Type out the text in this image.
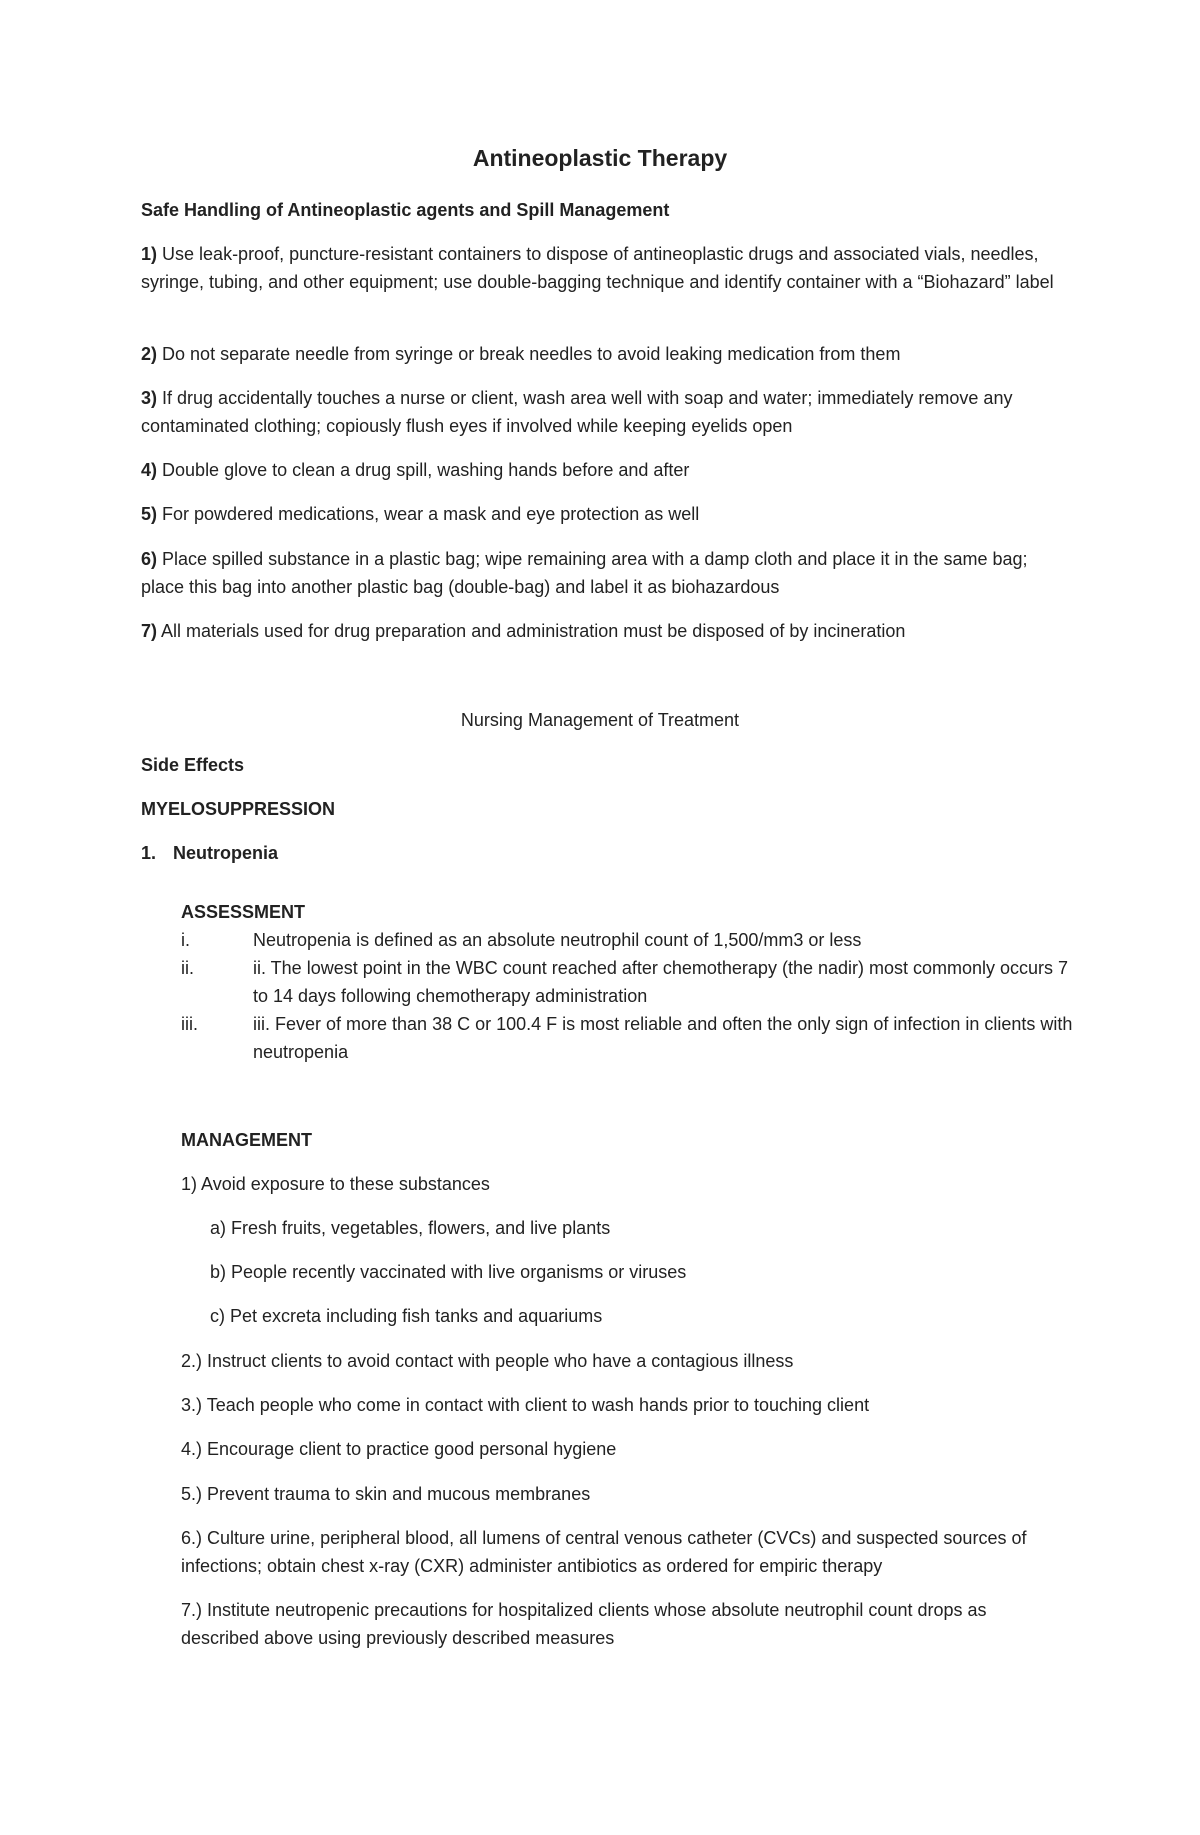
Antineoplastic Therapy
Safe Handling of Antineoplastic agents and Spill Management
1) Use leak-proof, puncture-resistant containers to dispose of antineoplastic drugs and associated vials, needles, syringe, tubing, and other equipment; use double-bagging technique and identify container with a “Biohazard” label
2) Do not separate needle from syringe or break needles to avoid leaking medication from them
3) If drug accidentally touches a nurse or client, wash area well with soap and water; immediately remove any contaminated clothing; copiously flush eyes if involved while keeping eyelids open
4) Double glove to clean a drug spill, washing hands before and after
5) For powdered medications, wear a mask and eye protection as well
6) Place spilled substance in a plastic bag; wipe remaining area with a damp cloth and place it in the same bag; place this bag into another plastic bag (double-bag) and label it as biohazardous
7) All materials used for drug preparation and administration must be disposed of by incineration
Nursing Management of Treatment
Side Effects
MYELOSUPPRESSION
1. Neutropenia
ASSESSMENT
i.	Neutropenia is defined as an absolute neutrophil count of 1,500/mm3 or less
ii.	ii. The lowest point in the WBC count reached after chemotherapy (the nadir) most commonly occurs 7 to 14 days following chemotherapy administration
iii.	iii. Fever of more than 38 C or 100.4 F is most reliable and often the only sign of infection in clients with neutropenia
MANAGEMENT
1) Avoid exposure to these substances
a) Fresh fruits, vegetables, flowers, and live plants
b) People recently vaccinated with live organisms or viruses
c) Pet excreta including fish tanks and aquariums
2.) Instruct clients to avoid contact with people who have a contagious illness
3.) Teach people who come in contact with client to wash hands prior to touching client
4.) Encourage client to practice good personal hygiene
5.) Prevent trauma to skin and mucous membranes
6.) Culture urine, peripheral blood, all lumens of central venous catheter (CVCs) and suspected sources of infections; obtain chest x-ray (CXR) administer antibiotics as ordered for empiric therapy
7.) Institute neutropenic precautions for hospitalized clients whose absolute neutrophil count drops as described above using previously described measures
